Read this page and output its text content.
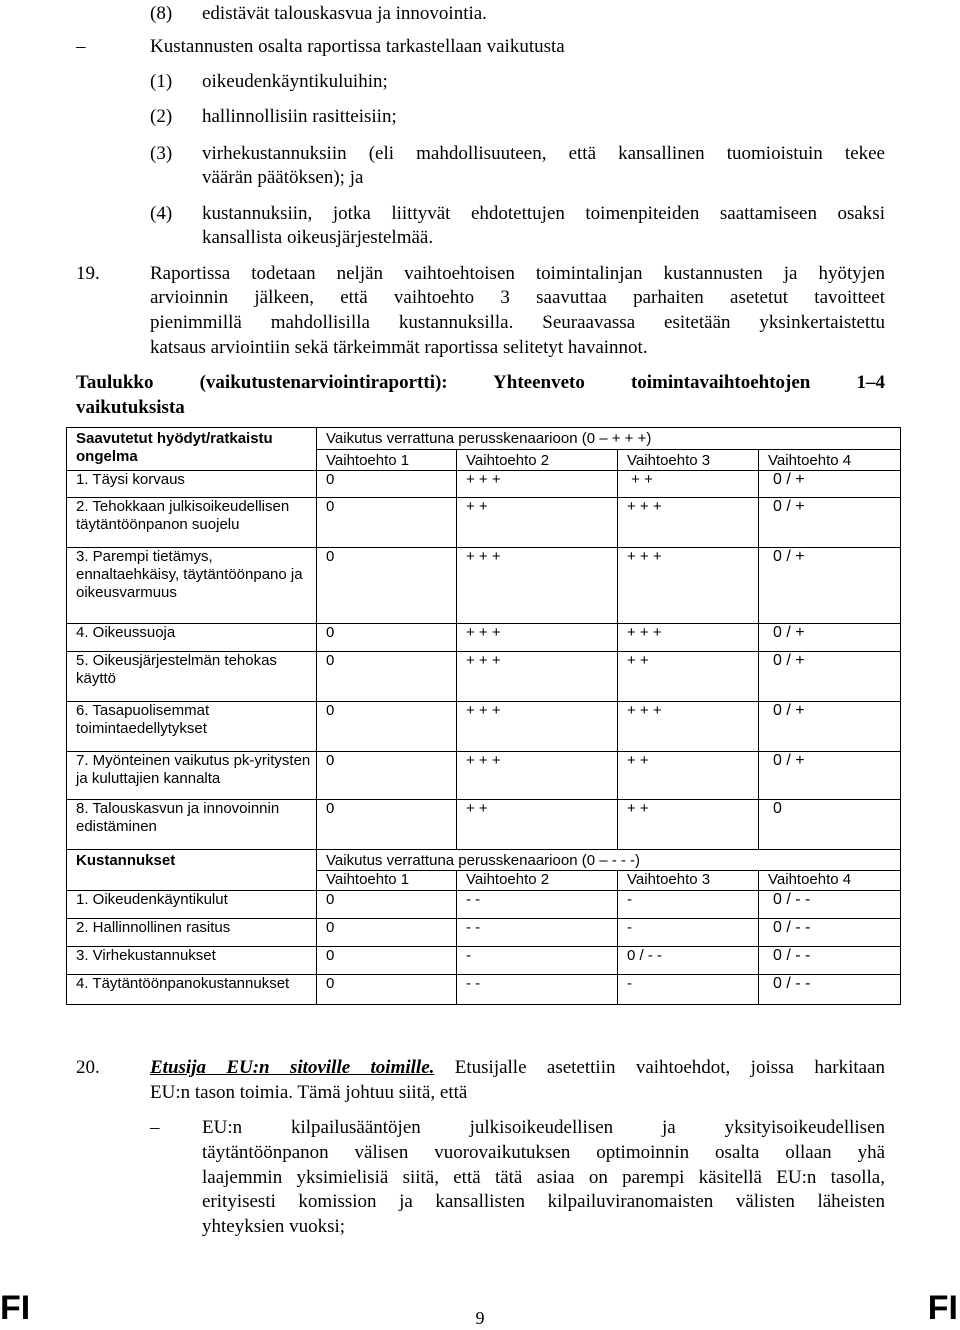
(8) edistävät talouskasvua ja innovointia.
–	Kustannusten osalta raportissa tarkastellaan vaikutusta
(1) oikeudenkäyntikuluihin;
(2) hallinnollisiin rasitteisiin;
(3) virhekustannuksiin (eli mahdollisuuteen, että kansallinen tuomioistuin tekee
väärän päätöksen); ja
(4) kustannuksiin, jotka liittyvät ehdotettujen toimenpiteiden saattamiseen osaksi
kansallista oikeusjärjestelmää.
19.	Raportissa todetaan neljän vaihtoehtoisen toimintalinjan kustannusten ja hyötyjen
arvioinnin jälkeen, että vaihtoehto 3 saavuttaa parhaiten asetetut tavoitteet
pienimmillä mahdollisilla kustannuksilla. Seuraavassa esitetään yksinkertaistettu
katsaus arviointiin sekä tärkeimmät raportissa selitetyt havainnot.
Taulukko (vaikutustenarviointiraportti): Yhteenveto toimintavaihtoehtojen 1–4
vaikutuksista
Saavutetut hyödyt/ratkaistu ongelma	Vaikutus verrattuna perusskenaarioon (0 – + + +)			
	Vaihtoehto 1	Vaihtoehto 2	Vaihtoehto 3	Vaihtoehto 4
1. Täysi korvaus	0	+ + +	+ +	0 / +
2. Tehokkaan julkisoikeudellisen täytäntöönpanon suojelu	0	+ +	+ + +	0 / +
3. Parempi tietämys, ennaltaehkäisy, täytäntöönpano ja oikeusvarmuus	0	+ + +	+ + +	0 / +
4. Oikeussuoja	0	+ + +	+ + +	0 / +
5. Oikeusjärjestelmän tehokas käyttö	0	+ + +	+ +	0 / +
6. Tasapuolisemmat toimintaedellytykset	0	+ + +	+ + +	0 / +
7. Myönteinen vaikutus pk-yritysten ja kuluttajien kannalta	0	+ + +	+ +	0 / +
8. Talouskasvun ja innovoinnin edistäminen	0	+ +	+ +	0
Kustannukset	Vaikutus verrattuna perusskenaarioon (0 – - - -)			
	Vaihtoehto 1	Vaihtoehto 2	Vaihtoehto 3	Vaihtoehto 4
1. Oikeudenkäyntikulut	0	- -	-	0 / - -
2. Hallinnollinen rasitus	0	- -	-	0 / - -
3. Virhekustannukset	0	-	0 / - -	0 / - -
4. Täytäntöönpanokustannukset	0	- -	-	0 / - -
20.	Etusija EU:n sitoville toimille. Etusijalle asetettiin vaihtoehdot, joissa harkitaan
EU:n tason toimia. Tämä johtuu siitä, että
– EU:n kilpailusääntöjen julkisoikeudellisen ja yksityisoikeudellisen
täytäntöönpanon välisen vuorovaikutuksen optimoinnin osalta ollaan yhä
laajemmin yksimielisiä siitä, että tätä asiaa on parempi käsitellä EU:n tasolla,
erityisesti komission ja kansallisten kilpailuviranomaisten välisten läheisten
yhteyksien vuoksi;
FI	9	FI
